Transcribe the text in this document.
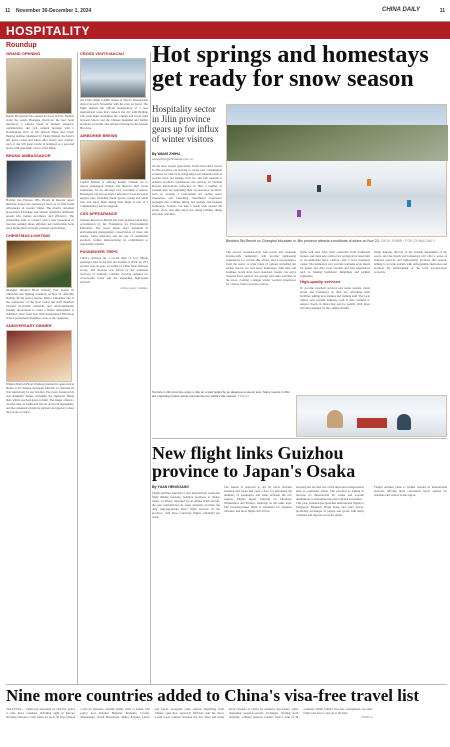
11 November 30-December 1, 2024	CHINA DAILY	11
HOSPITALITY
Roundup
GRAND OPENING
Rupert Hoogewerf has opened its doors in Port. Nestled along the scenic Huangpu riverfront, the new hotel introduces a refined blend of modern elegance, sophistication and rich cultural heritage with a breathtaking view of the historic Bund and iconic Pudong skyline. Designed by Cheng Design, the hotel's 401 guest rooms and suites offer luxury and comfort, each of the 318 guest rooms is designed as a personal haven with panoramic views of the Bund.
BRAND AMBASSADOR
Holiday Inn Express, IHG Hotels & Resorts' upper midscale brand, has announced Jason as its first brand ambassador in Greater China. The brand's refreshed proposition Exchange and Dream celebrates ambitious people who pursue excellence and efficiency. The partnership aims to connect with a new generation of travelers seeking smart, efficient and comfortable hotel stays during their everyday journeys and holidays.
CHRISTMAS LIGHTING
Shanghai Marriott Hotel Pudong East hosted its Christmas tree lighting ceremony on Nov 22, officially kicking off the festive season. With a Christmas tree as the centerpiece of the hotel lobby, the staff members adopted recyclable materials and environmentally friendly decorations to create a festive atmosphere. A children's choir from Yew Wah International Education School performed Christmas carols at the ceremony.
ANNIVERSARY DINNER
Wuhan Marriott Hotel Wanfeng marked its appreciation dinner at its Chinese restaurant Man Ho to celebrate its first anniversary in late October. The event featured rich and delightful dishes, including the signature Hubei dish, which received great acclaim. The dinner offered a creative take on traditional flavors and local ingredients, and the restaurant invited its partners and guests to share the joyous occasion.
CROSS VISITS MACAU
Air China flight CA806 landed at Macao International Airport in early November with the crew on board. The flight marked the official inauguration of a new international route that connects the city with Beijing. The route helps strengthen the tourism and travel links between Macao and the Chinese mainland and further promotes economic and cultural exchange in the Greater Bay Area.
AIRBORNE BREWS
Capital Airlines is offering healthy Chinese tea to relieve passengers' fatigue and improve their travel experience. Its tea offerings vary according to season. Passengers can choose from a selection of teas served in elegant cups, including black, green, oolong and white teas, and enjoy them during their flight as part of a complimentary service upgrade.
CSS APPEARANCE
Sanxian Resorts in Hainan has been granted Green Key accreditation by the Foundation for Environmental Education. The resort meets strict standards in environmental management, conservation of water and energy, waste reduction and the use of sustainable products, further demonstrating its commitment to responsible tourism.
PASSENGER TRIPS
China's railways hit a record high of 3.71 billion passenger trips in the first ten months of 2024, up 18.1 percent year-on-year, according to China State Railway Group. The increase was driven by the continued recovery of domestic tourism, growing demand for cross-border travel and the expanding high-speed network.
CHINA DAILY | XINHUA
Hot springs and homestays get ready for snow season
Hospitality sector in Jilin province gears up for influx of winter visitors
By WANG ZHIHU
wangzhihu@chinadaily.com.cn
As the snow season approaches, hotels and tourist resorts in Jilin province are striving to create new consumption scenarios for visitors by integrating local elements such as powder snow, hot springs, river ice, and folk customs to enhance products, experiences and services. In Yanbian Korean autonomous prefecture in Jilin, a number of tourism sites are upgrading their ice-and-snow products, such as creating a professional hot spring resort experience and launching customized experience packages that combine skiing, hot springs and featured homestays. Tourists can take a snack train around the scenic spots, and then enjoy hot spring bathing, skiing and other activities.
Beidahu Ski Resort on Changbai Mountain in Jilin province attracts a multitude of skiers on Nov 23. ZHOU JINBIN / FOR CHINA DAILY
The resort's northeast-style folk hotels and exquisite Korean-style homestays will provide sightseeing experiences for tourists this winter, said a representative from the resort. A wide range of options including hot spring resorts, ice and snow homestays, folk inns and boutique hotels have been launched. Guests can enjoy featured food, outdoor hot springs and other activities in the snow, creating a unique winter vacation experience for visitors from across the country.
Some folk inns have been converted from traditional houses, and some new outdoor hot springs have been built to accommodate more visitors, said a local homestay owner. The homestays now provide northeast-style meals for guests and offer local customs and folk experiences such as making traditional dumplings and pickled vegetables.
High-quality services
To provide excellent services and retain tourists, many hotels and homestays in Jilin are refreshing their facilities, adding new features and training staff. The local culture and tourism authority said it will continue to support hotels in improving service quality, with more activities planned for the coming months.
Wang Junlong, director of the tourism department of the resort, said the hotels and homestays will offer a series of featured services and high-quality products this season, aiming to provide tourists with unforgettable memories and promote the development of the local ice-and-snow economy.
New flight links Guizhou province to Japan's Osaka
By YUAN HENGGANG
Tianjin Airlines launched a new international round-trip flight linking Guiyang, Guizhou province, to Osaka, Japan, on Friday. Operated by an Airbus A320 aircraft, the new international air route currently provides the only Guiyang-Osaka direct flight services on the province, with three round-trip flights scheduled per week.
The launch is expected to aid all travel between Guizhou and Japan and open a door for increasing the numbers of passengers and trade between the two regions. Flights depart Guiyang on Mondays, Wednesdays and Fridays, returning on the same days. The Guiyang-Osaka flight is scheduled for Japanese travelers, and more flights will follow.
Guiyang has become one of the important transportation hubs in southwest China. The province is aiming to increase its international air routes and tourism destinations to strengthen ties with regional economies.
This year, Guizhou has launched international flights to Singapore, Bangkok, Hong Kong and other places, promoting exchanges of people and goods with many countries and regions across the globe.
Tianjin Airlines plans to further expand its international network, offering more convenient travel options for residents and visitors in the region.
Tourists in Jilin province enjoy a ride on a sled pulled by an alpaca at a scenic spot. Many resorts in Jilin are preparing unique winter experiences for visitors this season. XINHUA
Nine more countries added to China's visa-free travel list
VALLETTA — China has expanded its visa-free policy to nine more countries, including eight in Europe, allowing citizens to visit China for up to 30 days without a visa for business, tourism, family visits or transit. The policy now includes Bulgaria, Romania, Croatia, Montenegro, North Macedonia, Malta, Estonia, Latvia and Japan, alongside other nations benefiting from China's open-door approach. Officials said the move would boost tourism between the two sides and bring more travelers to China for business and leisure, while deepening people-to-people exchanges. Starting from Saturday, ordinary passport holders from a total of 38 countries within China's visa-free arrangement can enter China visa-free to stay up to 30 days.
XINHUA
